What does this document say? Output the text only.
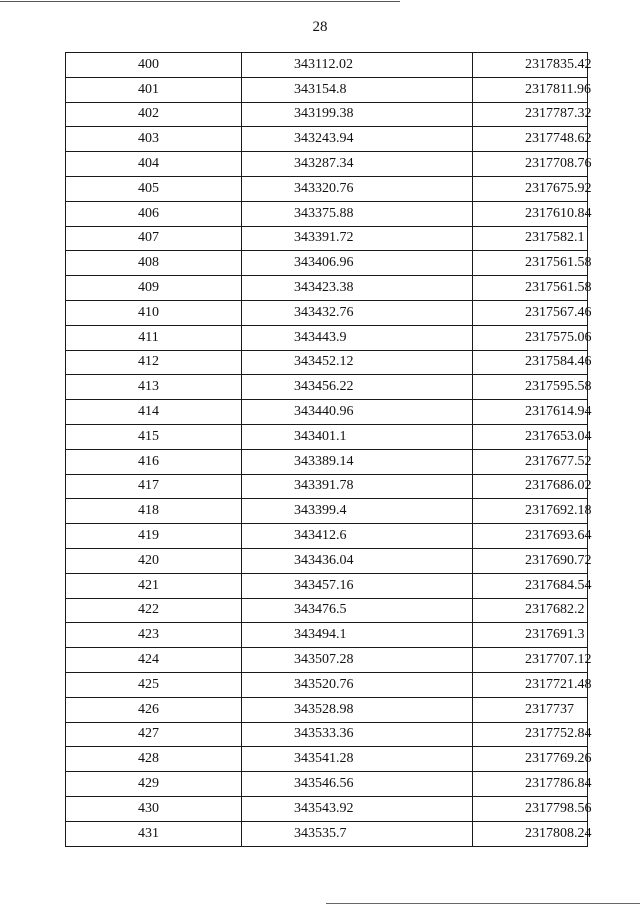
28
400	343112.02	2317835.42
401	343154.8	2317811.96
402	343199.38	2317787.32
403	343243.94	2317748.62
404	343287.34	2317708.76
405	343320.76	2317675.92
406	343375.88	2317610.84
407	343391.72	2317582.1
408	343406.96	2317561.58
409	343423.38	2317561.58
410	343432.76	2317567.46
411	343443.9	2317575.06
412	343452.12	2317584.46
413	343456.22	2317595.58
414	343440.96	2317614.94
415	343401.1	2317653.04
416	343389.14	2317677.52
417	343391.78	2317686.02
418	343399.4	2317692.18
419	343412.6	2317693.64
420	343436.04	2317690.72
421	343457.16	2317684.54
422	343476.5	2317682.2
423	343494.1	2317691.3
424	343507.28	2317707.12
425	343520.76	2317721.48
426	343528.98	2317737
427	343533.36	2317752.84
428	343541.28	2317769.26
429	343546.56	2317786.84
430	343543.92	2317798.56
431	343535.7	2317808.24
